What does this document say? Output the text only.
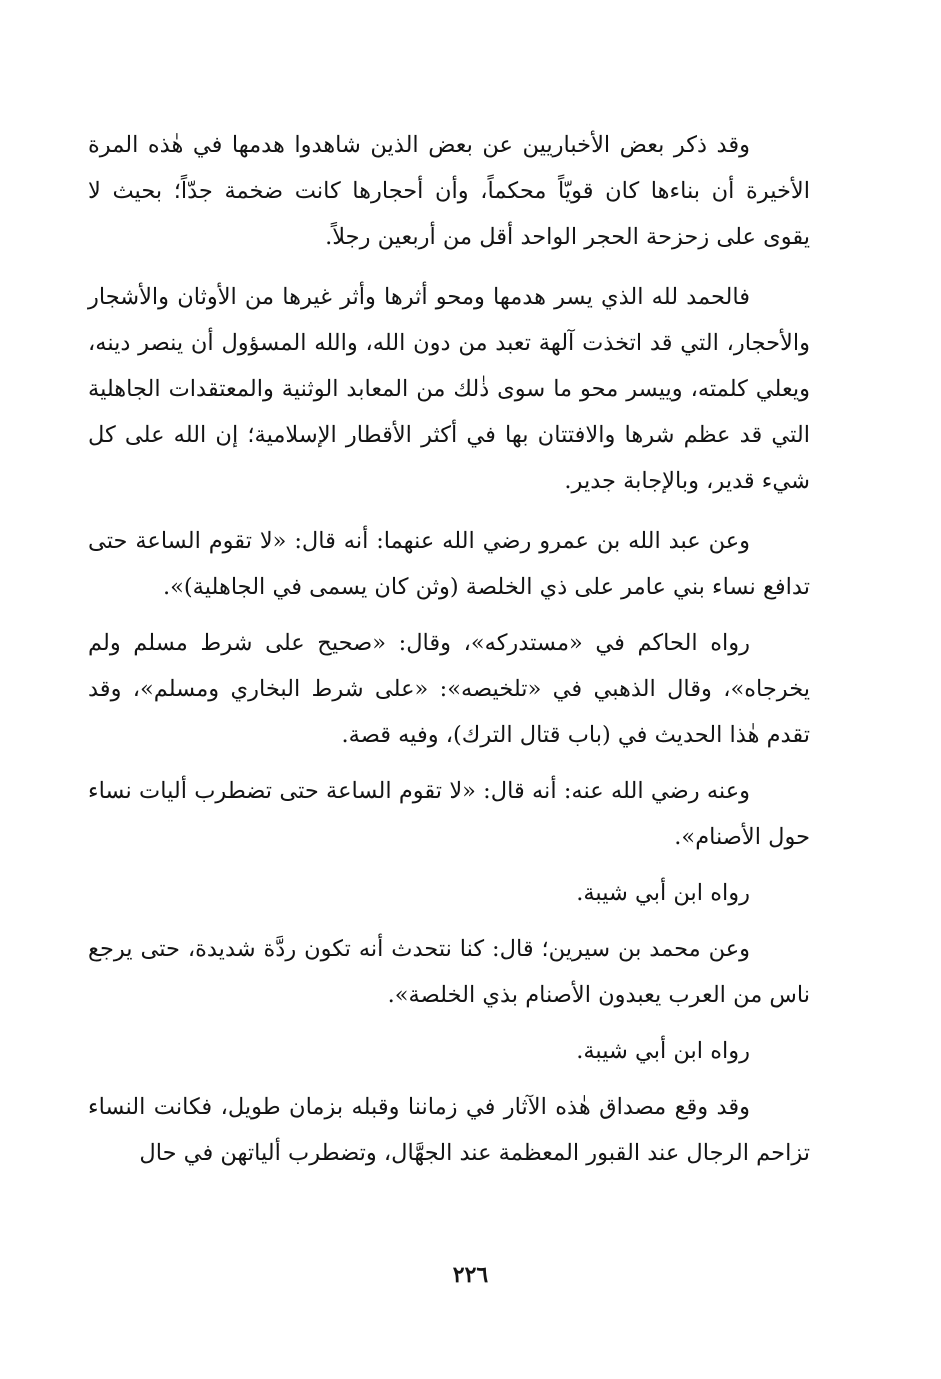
وقد ذكر بعض الأخباريين عن بعض الذين شاهدوا هدمها في هٰذه المرة الأخيرة أن بناءها كان قويّاً محكماً، وأن أحجارها كانت ضخمة جدّاً؛ بحيث لا يقوى على زحزحة الحجر الواحد أقل من أربعين رجلاً.

فالحمد لله الذي يسر هدمها ومحو أثرها وأثر غيرها من الأوثان والأشجار والأحجار، التي قد اتخذت آلهة تعبد من دون الله، والله المسؤول أن ينصر دينه، ويعلي كلمته، وييسر محو ما سوى ذٰلك من المعابد الوثنية والمعتقدات الجاهلية التي قد عظم شرها والافتتان بها في أكثر الأقطار الإسلامية؛ إن الله على كل شيء قدير، وبالإجابة جدير.

وعن عبد الله بن عمرو رضي الله عنهما: أنه قال: «لا تقوم الساعة حتى تدافع نساء بني عامر على ذي الخلصة (وثن كان يسمى في الجاهلية)».

رواه الحاكم في «مستدركه»، وقال: «صحيح على شرط مسلم ولم يخرجاه»، وقال الذهبي في «تلخيصه»: «على شرط البخاري ومسلم»، وقد تقدم هٰذا الحديث في (باب قتال الترك)، وفيه قصة.

وعنه رضي الله عنه: أنه قال: «لا تقوم الساعة حتى تضطرب أليات نساء حول الأصنام».

رواه ابن أبي شيبة.

وعن محمد بن سيرين؛ قال: كنا نتحدث أنه تكون ردَّة شديدة، حتى يرجع ناس من العرب يعبدون الأصنام بذي الخلصة».

رواه ابن أبي شيبة.

وقد وقع مصداق هٰذه الآثار في زماننا وقبله بزمان طويل، فكانت النساء تزاحم الرجال عند القبور المعظمة عند الجهَّال، وتضطرب ألياتهن في حال

٢٢٦
